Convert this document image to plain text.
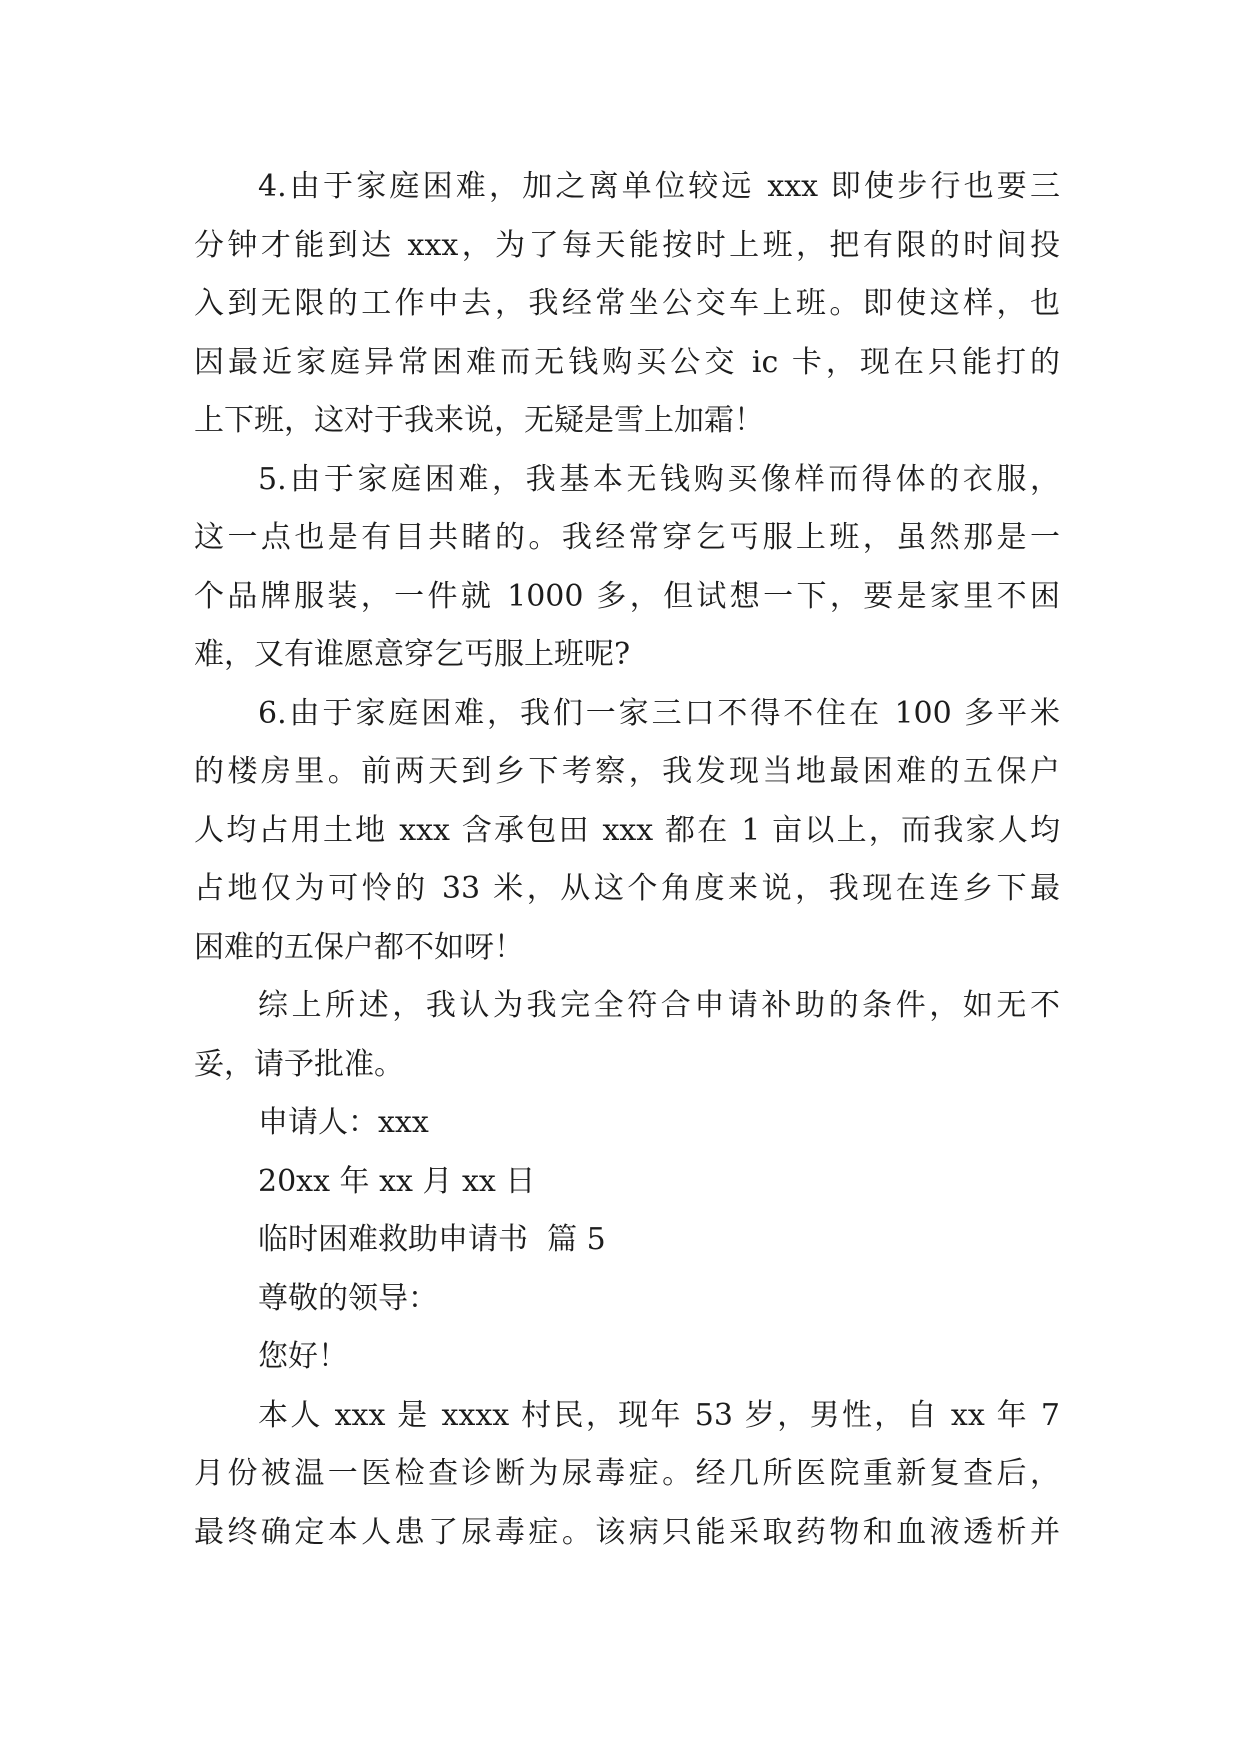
4.由于家庭困难，加之离单位较远 xxx 即使步行也要三
分钟才能到达 xxx，为了每天能按时上班，把有限的时间投
入到无限的工作中去，我经常坐公交车上班。即使这样，也
因最近家庭异常困难而无钱购买公交 ic 卡，现在只能打的
上下班，这对于我来说，无疑是雪上加霜！
5.由于家庭困难，我基本无钱购买像样而得体的衣服，
这一点也是有目共睹的。我经常穿乞丐服上班，虽然那是一
个品牌服装，一件就 1000 多，但试想一下，要是家里不困
难，又有谁愿意穿乞丐服上班呢?
6.由于家庭困难，我们一家三口不得不住在 100 多平米
的楼房里。前两天到乡下考察，我发现当地最困难的五保户
人均占用土地 xxx 含承包田 xxx 都在 1 亩以上，而我家人均
占地仅为可怜的 33 米，从这个角度来说，我现在连乡下最
困难的五保户都不如呀！
综上所述，我认为我完全符合申请补助的条件，如无不
妥，请予批准。
申请人：xxx
20xx 年 xx 月 xx 日
临时困难救助申请书  篇 5
尊敬的领导：
您好！
本人 xxx 是 xxxx 村民，现年 53 岁，男性，自 xx 年 7
月份被温一医检查诊断为尿毒症。经几所医院重新复查后，
最终确定本人患了尿毒症。该病只能采取药物和血液透析并
